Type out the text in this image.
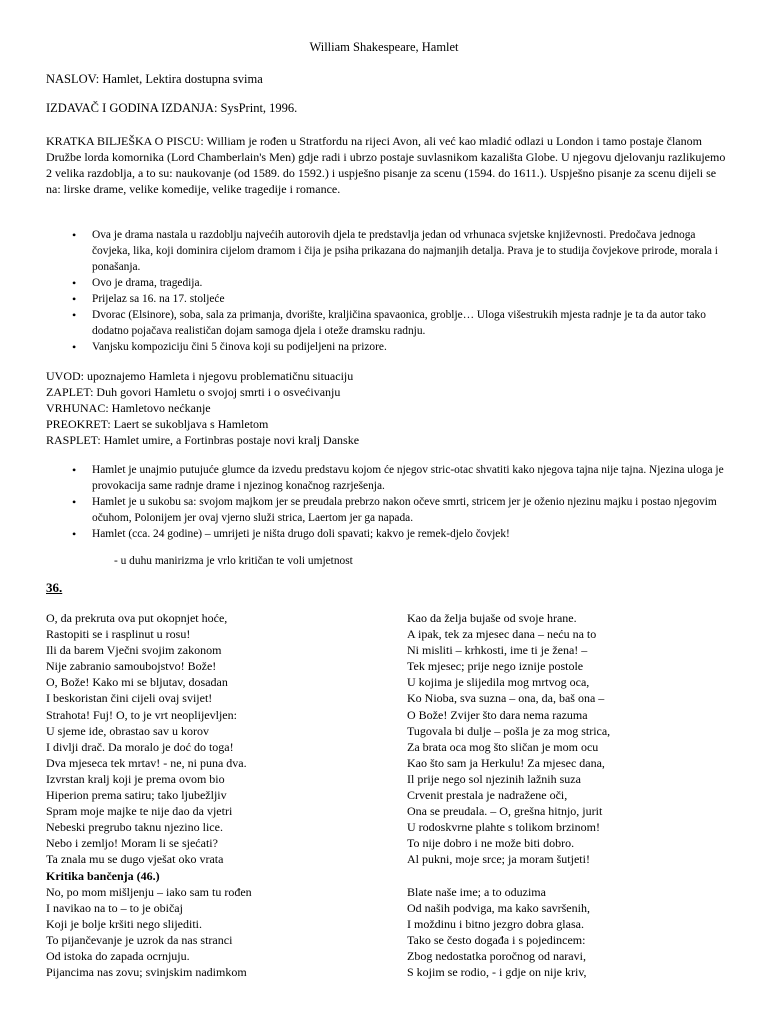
William Shakespeare, Hamlet
NASLOV: Hamlet, Lektira dostupna svima
IZDAVAČ I GODINA IZDANJA: SysPrint, 1996.
KRATKA BILJEŠKA O PISCU: William je rođen u Stratfordu na rijeci Avon, ali već kao mladić odlazi u London i tamo postaje članom Družbe lorda komornika (Lord Chamberlain's Men) gdje radi i ubrzo postaje suvlasnikom kazališta Globe. U njegovu djelovanju razlikujemo 2 velika razdoblja, a to su: naukovanje (od 1589. do 1592.) i uspješno pisanje za scenu (1594. do 1611.). Uspješno pisanje za scenu dijeli se na: lirske drame, velike komedije, velike tragedije i romance.
• Ova je drama nastala u razdoblju najvećih autorovih djela te predstavlja jedan od vrhunaca svjetske književnosti. Predočava jednoga čovjeka, lika, koji dominira cijelom dramom i čija je psiha prikazana do najmanjih detalja. Prava je to studija čovjekove prirode, morala i ponašanja.
• Ovo je drama, tragedija.
• Prijelaz sa 16. na 17. stoljeće
• Dvorac (Elsinore), soba, sala za primanja, dvorište, kraljičina spavaonica, groblje… Uloga višestrukih mjesta radnje je ta da autor tako dodatno pojačava realističan dojam samoga djela i otežе dramsku radnju.
• Vanjsku kompoziciju čini 5 činova koji su podijeljeni na prizore.
UVOD: upoznajemo Hamleta i njegovu problematičnu situaciju
ZAPLET: Duh govori Hamletu o svojoj smrti i o osvećivanju
VRHUNAC: Hamletovo nećkanje
PREOKRET: Laert se sukobljava s Hamletom
RASPLET: Hamlet umire, a Fortinbras postaje novi kralj Danske
• Hamlet je unajmio putujuće glumce da izvedu predstavu kojom će njegov stric-otac shvatiti kako njegova tajna nije tajna. Njezina uloga je provokacija same radnje drame i njezinog konačnog razrješenja.
• Hamlet je u sukobu sa: svojom majkom jer se preudala prebrzo nakon očeve smrti, stricem jer je oženio njezinu majku i postao njegovim očuhom, Polonijem jer ovaj vjerno služi strica, Laertom jer ga napada.
• Hamlet (cca. 24 godine) – umrijeti je ništa drugo doli spavati; kakvo je remek-djelo čovjek!
- u duhu manirizma je vrlo kritičan te voli umjetnost
36.
O, da prekruta ova put okopnjet hoće,
Rastopiti se i rasplinut u rosu!
Ili da barem Vječni svojim zakonom
Nije zabranio samoubojstvo! Bože!
O, Bože! Kako mi se bljutav, dosadan
I beskoristan čini cijeli ovaj svijet!
Strahota! Fuj! O, to je vrt neoplijevljen:
U sjeme ide, obrastao sav u korov
I divlji drač. Da moralo je doć do toga!
Dva mjeseca tek mrtav! - ne, ni puna dva.
Izvrstan kralj koji je prema ovom bio
Hiperion prema satiru; tako ljubežljiv
Spram moje majke te nije dao da vjetri
Nebeski pregrubo taknu njezino lice.
Nebo i zemljo! Moram li se sjećati?
Ta znala mu se dugo vješat oko vrata
Kritika bančenja (46.)
No, po mom mišljenju – iako sam tu rođen
I navikao na to – to je običaj
Koji je bolje kršiti nego slijediti.
To pijančevanje je uzrok da nas stranci
Od istoka do zapada ocrnjuju.
Pijancima nas zovu; svinjskim nadimkom
Kao da želja bujaše od svoje hrane.
A ipak, tek za mjesec dana – neću na to
Ni misliti – krhkosti, ime ti je žena! –
Tek mjesec; prije nego iznije postole
U kojima je slijedila mog mrtvog oca,
Ko Nioba, sva suzna – ona, da, baš ona –
O Bože! Zvijer što dara nema razuma
Tugovala bi dulje – pošla je za mog strica,
Za brata oca mog što sličan je mom ocu
Kao što sam ja Herkulu! Za mjesec dana,
Il prije nego sol njezinih lažnih suza
Crvenit prestala je nadražene oči,
Ona se preudala. – O, grešna hitnjo, jurit
U rodoskvrne plahte s tolikom brzinom!
To nije dobro i ne može biti dobro.
Al pukni, moje srce; ja moram šutjeti!
Blate naše ime; a to oduzima
Od naših podviga, ma kako savršenih,
I moždinu i bitno jezgro dobra glasa.
Tako se često događa i s pojedincem:
Zbog nedostatka poročnog od naravi,
S kojim se rodio, - i gdje on nije kriv,
